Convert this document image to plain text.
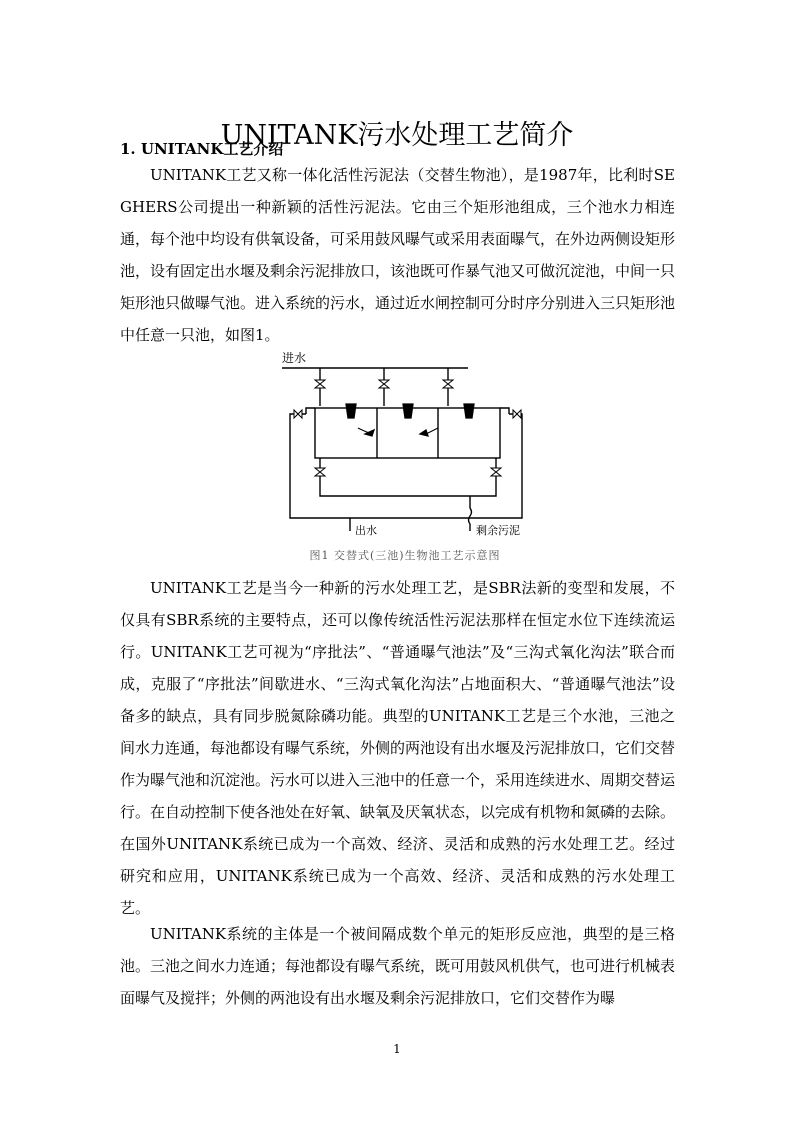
UNITANK污水处理工艺简介
1. UNITANK工艺介绍

UNITANK工艺又称一体化活性污泥法（交替生物池），是1987年，比利时SEGHERS公司提出一种新颖的活性污泥法。它由三个矩形池组成，三个池水力相连通，每个池中均设有供氧设备，可采用鼓风曝气或采用表面曝气，在外边两侧设矩形池，设有固定出水堰及剩余污泥排放口，该池既可作暴气池又可做沉淀池，中间一只矩形池只做曝气池。进入系统的污水，通过近水闸控制可分时序分别进入三只矩形池中任意一只池，如图1。

进水
出水	剩余污泥
图1 交替式(三池)生物池工艺示意图

UNITANK工艺是当今一种新的污水处理工艺，是SBR法新的变型和发展，不仅具有SBR系统的主要特点，还可以像传统活性污泥法那样在恒定水位下连续流运行。UNITANK工艺可视为“序批法”、“普通曝气池法”及“三沟式氧化沟法”联合而成，克服了“序批法”间歇进水、“三沟式氧化沟法”占地面积大、“普通曝气池法”设备多的缺点，具有同步脱氮除磷功能。典型的UNITANK工艺是三个水池，三池之间水力连通，每池都设有曝气系统，外侧的两池设有出水堰及污泥排放口，它们交替作为曝气池和沉淀池。污水可以进入三池中的任意一个，采用连续进水、周期交替运行。在自动控制下使各池处在好氧、缺氧及厌氧状态，以完成有机物和氮磷的去除。在国外UNITANK系统已成为一个高效、经济、灵活和成熟的污水处理工艺。经过研究和应用，UNITANK系统已成为一个高效、经济、灵活和成熟的污水处理工艺。

UNITANK系统的主体是一个被间隔成数个单元的矩形反应池，典型的是三格池。三池之间水力连通；每池都设有曝气系统，既可用鼓风机供气，也可进行机械表面曝气及搅拌；外侧的两池设有出水堰及剩余污泥排放口，它们交替作为曝

1
